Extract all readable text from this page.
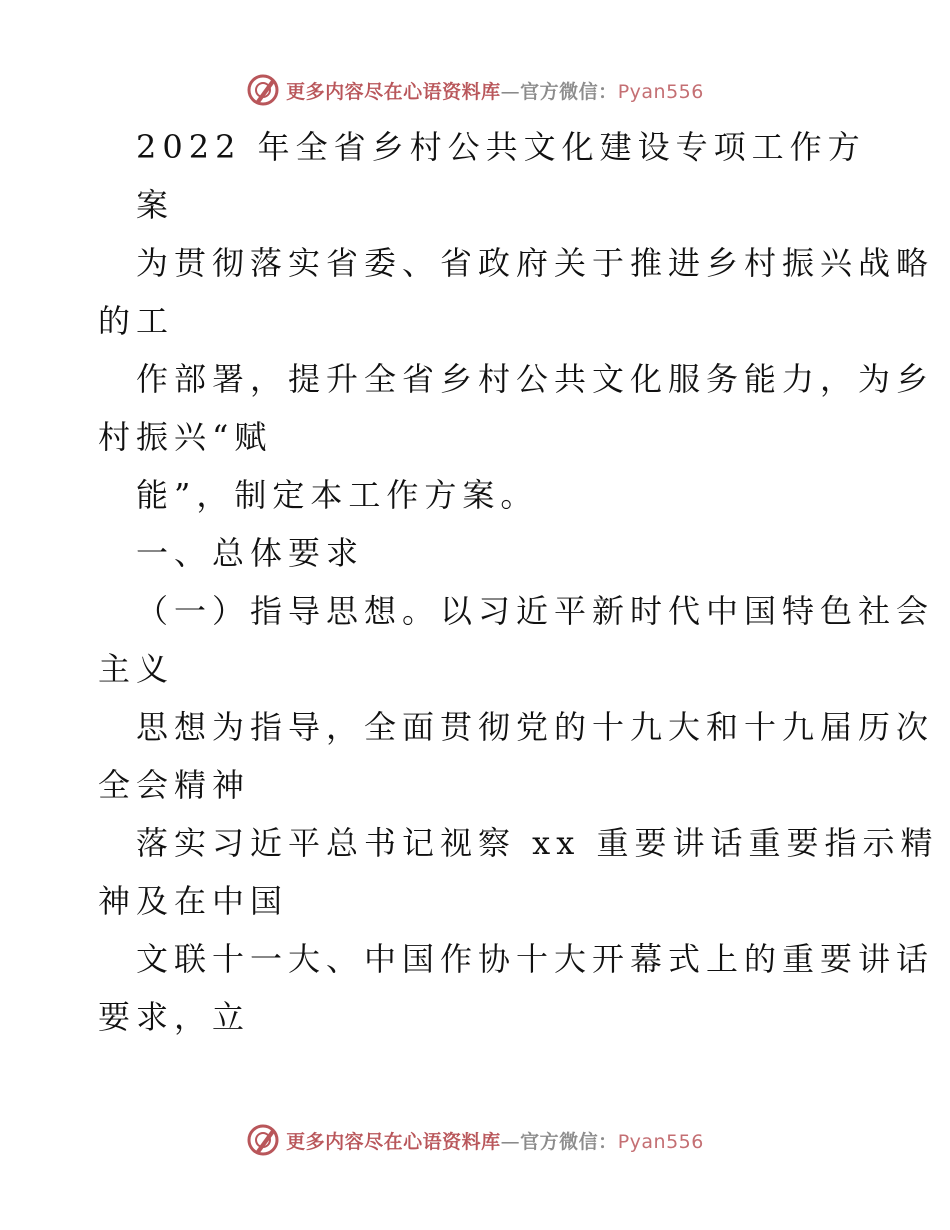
更多内容尽在心语资料库—官方微信：Pyan556
2022 年全省乡村公共文化建设专项工作方
案
为贯彻落实省委、省政府关于推进乡村振兴战略
的工
作部署，提升全省乡村公共文化服务能力，为乡
村振兴“赋
能”，制定本工作方案。
一、总体要求
（一）指导思想。以习近平新时代中国特色社会
主义
思想为指导，全面贯彻党的十九大和十九届历次
全会精神
落实习近平总书记视察 xx 重要讲话重要指示精
神及在中国
文联十一大、中国作协十大开幕式上的重要讲话
要求，立
更多内容尽在心语资料库—官方微信：Pyan556
